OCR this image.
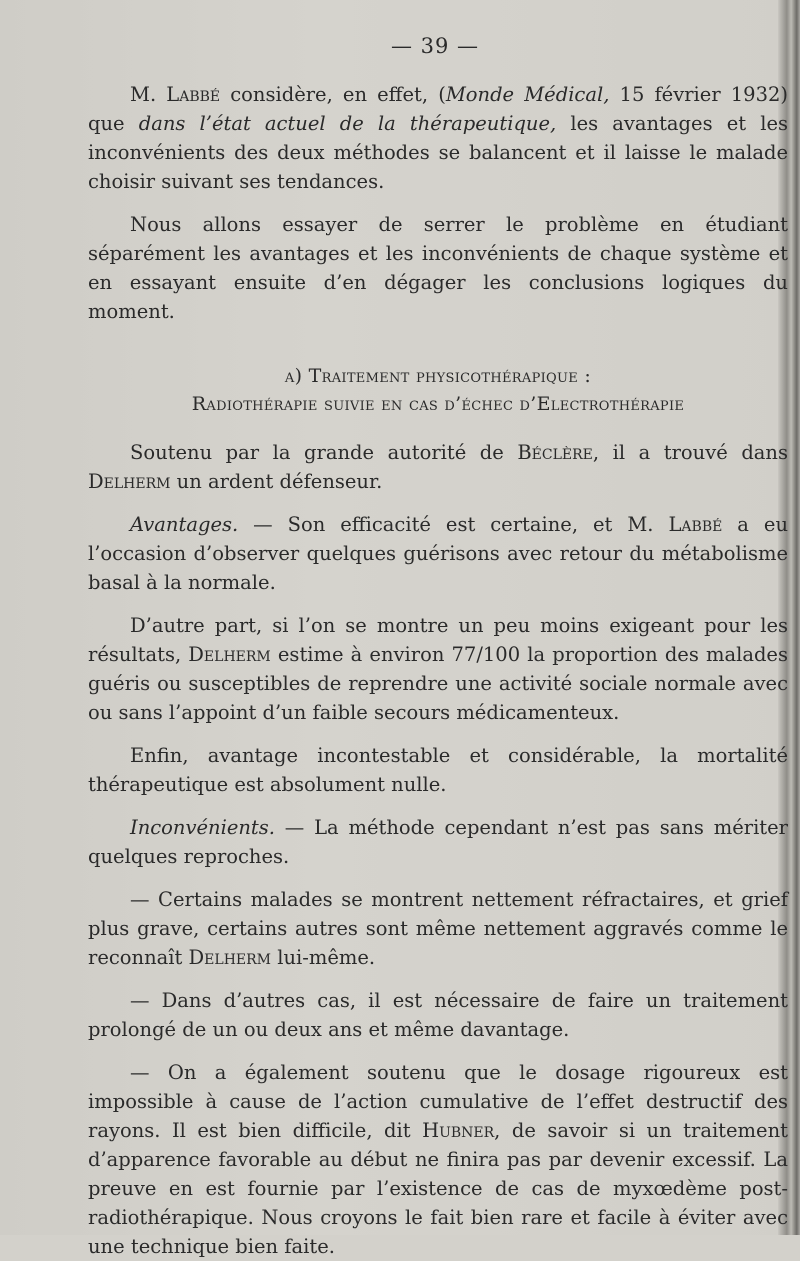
— 39 —

M. Labbé considère, en effet, (Monde Médical, 15 février 1932) que dans l’état actuel de la thérapeutique, les avantages et les inconvénients des deux méthodes se balancent et il laisse le malade choisir suivant ses tendances.

Nous allons essayer de serrer le problème en étudiant séparément les avantages et les inconvénients de chaque système et en essayant ensuite d’en dégager les conclusions logiques du moment.

a) Traitement physicothérapique :
Radiothérapie suivie en cas d’échec d’Electrothérapie

Soutenu par la grande autorité de Béclère, il a trouvé dans Delherm un ardent défenseur.

Avantages. — Son efficacité est certaine, et M. Labbé a eu l’occasion d’observer quelques guérisons avec retour du métabolisme basal à la normale.

D’autre part, si l’on se montre un peu moins exigeant pour les résultats, Delherm estime à environ 77/100 la proportion des malades guéris ou susceptibles de reprendre une activité sociale normale avec ou sans l’appoint d’un faible secours médicamenteux.

Enfin, avantage incontestable et considérable, la mortalité thérapeutique est absolument nulle.

Inconvénients. — La méthode cependant n’est pas sans mériter quelques reproches.

— Certains malades se montrent nettement réfractaires, et grief plus grave, certains autres sont même nettement aggravés comme le reconnaît Delherm lui-même.

— Dans d’autres cas, il est nécessaire de faire un traitement prolongé de un ou deux ans et même davantage.

— On a également soutenu que le dosage rigoureux est impossible à cause de l’action cumulative de l’effet destructif des rayons. Il est bien difficile, dit Hubner, de savoir si un traitement d’apparence favorable au début ne finira pas par devenir excessif. La preuve en est fournie par l’existence de cas de myxœdème post-radiothérapique. Nous croyons le fait bien rare et facile à éviter avec une technique bien faite.
